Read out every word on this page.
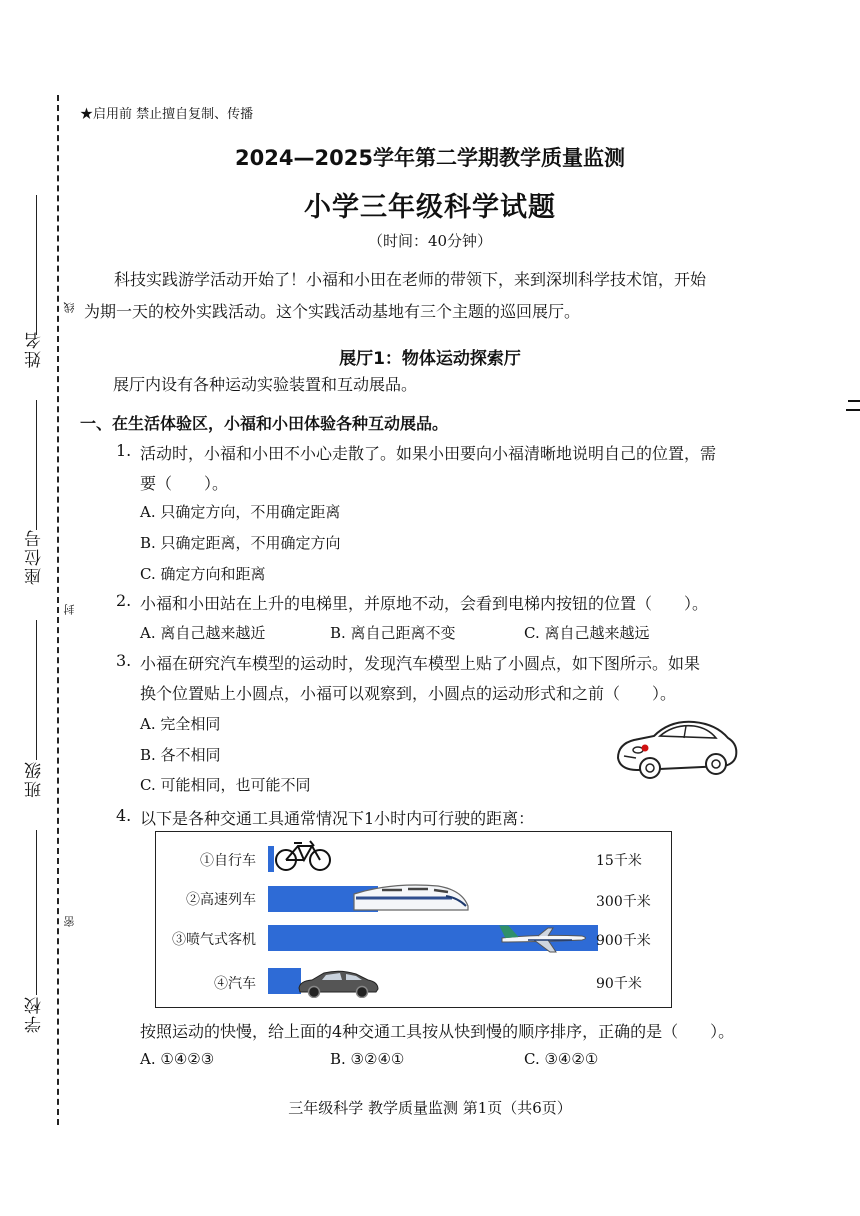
姓名
线
座位号
封
班级
密
学校
★启用前 禁止擅自复制、传播
2024—2025学年第二学期教学质量监测
小学三年级科学试题
（时间：40分钟）
科技实践游学活动开始了！小福和小田在老师的带领下，来到深圳科学技术馆，开始
为期一天的校外实践活动。这个实践活动基地有三个主题的巡回展厅。
展厅1：物体运动探索厅
展厅内设有各种运动实验装置和互动展品。
一、在生活体验区，小福和小田体验各种互动展品。
1. 活动时，小福和小田不小心走散了。如果小田要向小福清晰地说明自己的位置，需
要（　　）。
A. 只确定方向，不用确定距离
B. 只确定距离，不用确定方向
C. 确定方向和距离
2. 小福和小田站在上升的电梯里，并原地不动，会看到电梯内按钮的位置（　　）。
A. 离自己越来越近	B. 离自己距离不变	C. 离自己越来越远
3. 小福在研究汽车模型的运动时，发现汽车模型上贴了小圆点，如下图所示。如果
换个位置贴上小圆点，小福可以观察到，小圆点的运动形式和之前（　　）。
A. 完全相同
B. 各不相同
C. 可能相同，也可能不同
4. 以下是各种交通工具通常情况下1小时内可行驶的距离：
①自行车
②高速列车
③喷气式客机
④汽车
15千米
300千米
900千米
90千米
按照运动的快慢，给上面的4种交通工具按从快到慢的顺序排序，正确的是（　　）。
A. ①④②③	B. ③②④①	C. ③④②①
三年级科学 教学质量监测 第1页（共6页）
